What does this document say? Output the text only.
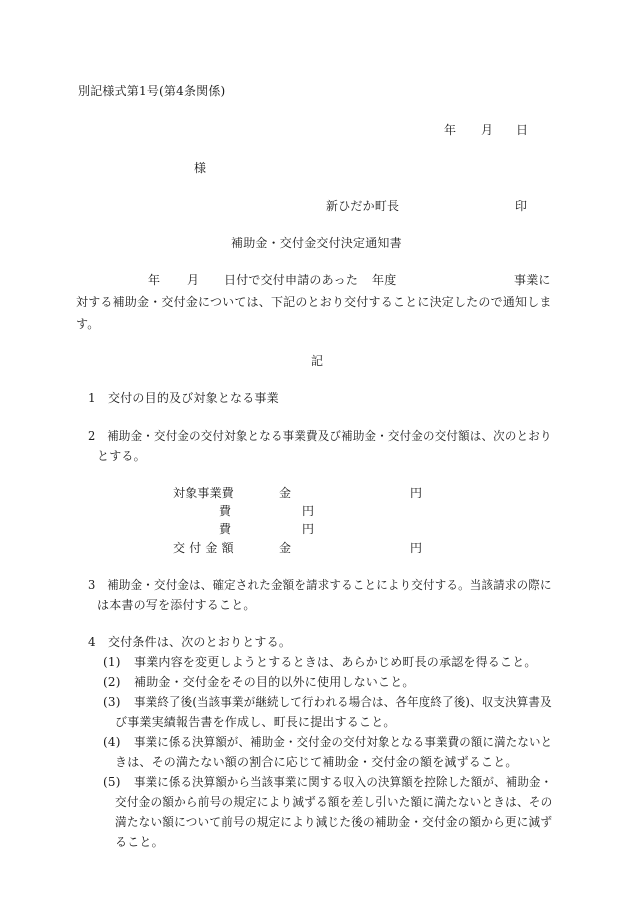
別記様式第1号(第4条関係)
年 月 日
様
新ひだか町長	印
補助金・交付金交付決定通知書
年 月 日付で交付申請のあった 年度	事業に
対する補助金・交付金については、下記のとおり交付することに決定したので通知しま
す。
記
1　交付の目的及び対象となる事業
2　補助金・交付金の交付対象となる事業費及び補助金・交付金の交付額は、次のとおり
とする。
対象事業費	金	円
費	円
費	円
交 付 金 額	金	円
3　補助金・交付金は、確定された金額を請求することにより交付する。当該請求の際に
は本書の写を添付すること。
4　交付条件は、次のとおりとする。
(1) 事業内容を変更しようとするときは、あらかじめ町長の承認を得ること。
(2) 補助金・交付金をその目的以外に使用しないこと。
(3) 事業終了後(当該事業が継続して行われる場合は、各年度終了後)、収支決算書及
び事業実績報告書を作成し、町長に提出すること。
(4) 事業に係る決算額が、補助金・交付金の交付対象となる事業費の額に満たないと
きは、その満たない額の割合に応じて補助金・交付金の額を減ずること。
(5) 事業に係る決算額から当該事業に関する収入の決算額を控除した額が、補助金・
交付金の額から前号の規定により減ずる額を差し引いた額に満たないときは、その
満たない額について前号の規定により減じた後の補助金・交付金の額から更に減ず
ること。
